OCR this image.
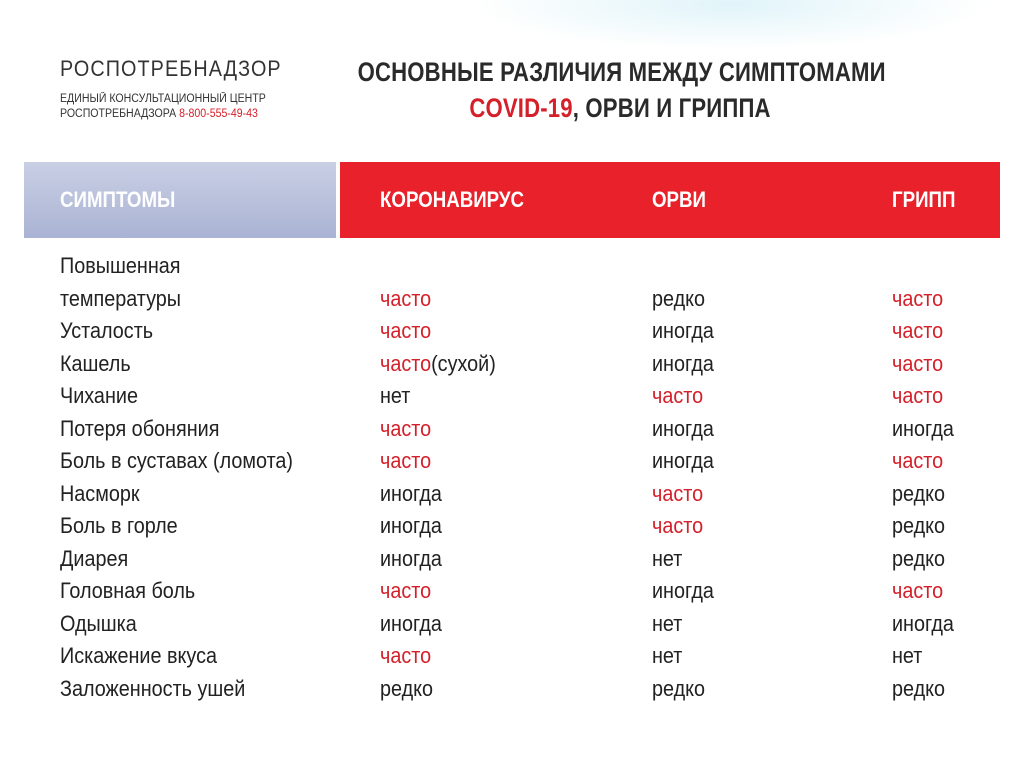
РОСПОТРЕБНАДЗОР
ЕДИНЫЙ КОНСУЛЬТАЦИОННЫЙ ЦЕНТР
РОСПОТРЕБНАДЗОРА 8-800-555-49-43
ОСНОВНЫЕ РАЗЛИЧИЯ МЕЖДУ СИМПТОМАМИ
COVID-19, ОРВИ И ГРИППА
СИМПТОМЫ	КОРОНАВИРУС	ОРВИ	ГРИПП
Повышенная
температуры	часто	редко	часто
Усталость	часто	иногда	часто
Кашель	часто(сухой)	иногда	часто
Чихание	нет	часто	часто
Потеря обоняния	часто	иногда	иногда
Боль в суставах (ломота)	часто	иногда	часто
Насморк	иногда	часто	редко
Боль в горле	иногда	часто	редко
Диарея	иногда	нет	редко
Головная боль	часто	иногда	часто
Одышка	иногда	нет	иногда
Искажение вкуса	часто	нет	нет
Заложенность ушей	редко	редко	редко
